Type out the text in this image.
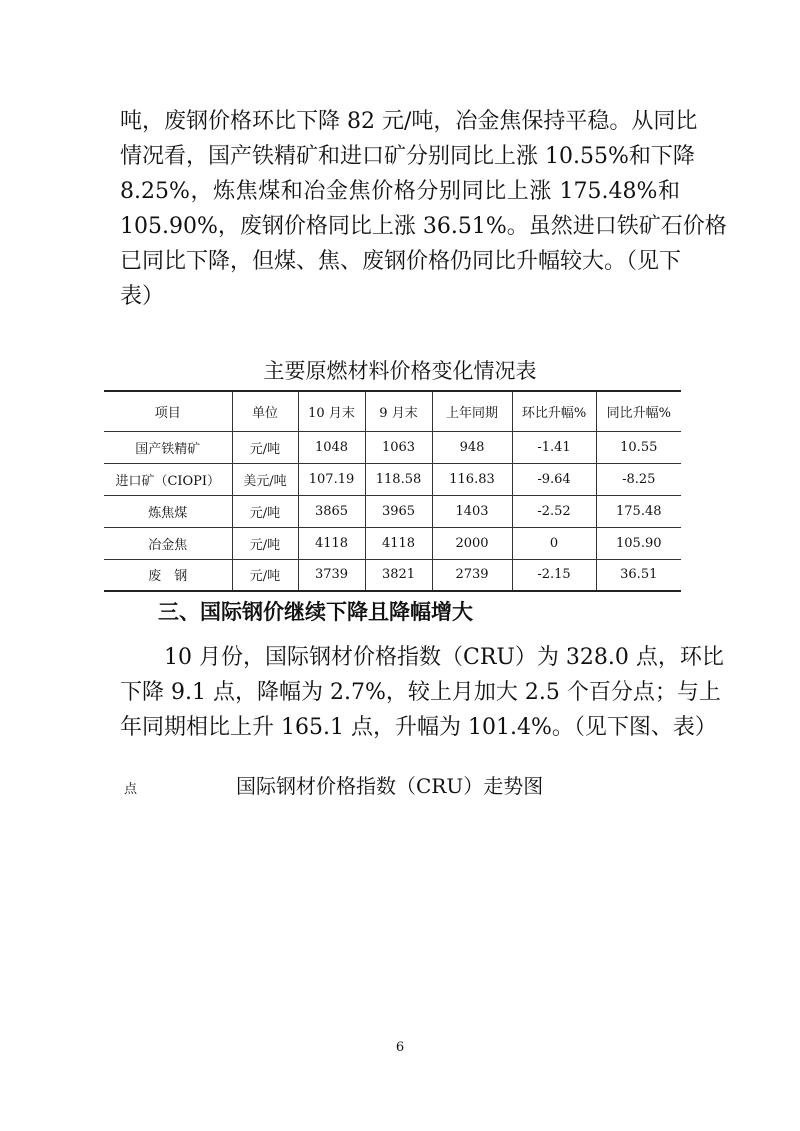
吨，废钢价格环比下降 82 元/吨，冶金焦保持平稳。从同比
情况看，国产铁精矿和进口矿分别同比上涨 10.55%和下降
8.25%，炼焦煤和冶金焦价格分别同比上涨 175.48%和
105.90%，废钢价格同比上涨 36.51%。虽然进口铁矿石价格
已同比下降，但煤、焦、废钢价格仍同比升幅较大。（见下
表）

主要原燃材料价格变化情况表
项目	单位	10 月末	9 月末	上年同期	环比升幅%	同比升幅%
国产铁精矿	元/吨	1048	1063	948	-1.41	10.55
进口矿（CIOPI）	美元/吨	107.19	118.58	116.83	-9.64	-8.25
炼焦煤	元/吨	3865	3965	1403	-2.52	175.48
冶金焦	元/吨	4118	4118	2000	0	105.90
废　钢	元/吨	3739	3821	2739	-2.15	36.51
三、国际钢价继续下降且降幅增大

　　10 月份，国际钢材价格指数（CRU）为 328.0 点，环比
下降 9.1 点，降幅为 2.7%，较上月加大 2.5 个百分点；与上
年同期相比上升 165.1 点，升幅为 101.4%。（见下图、表）

点	国际钢材价格指数（CRU）走势图
6
